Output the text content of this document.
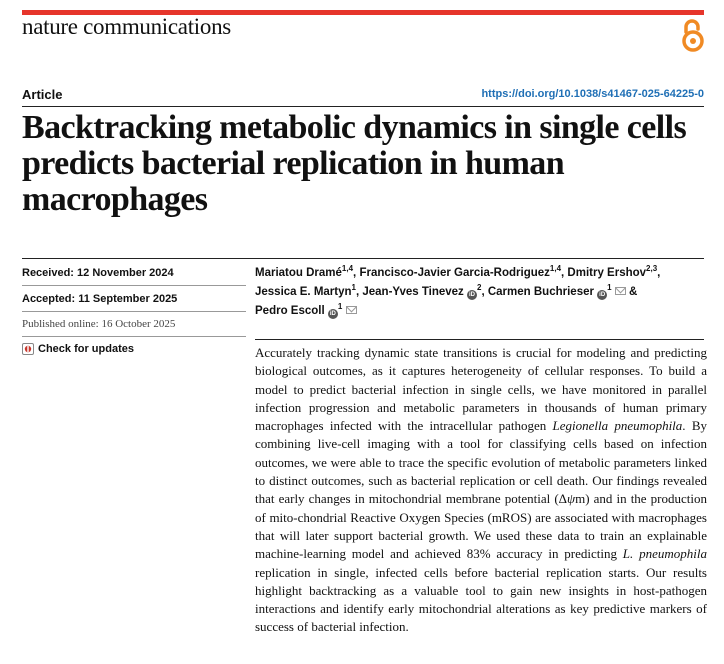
nature communications
Article	https://doi.org/10.1038/s41467-025-64225-0
Backtracking metabolic dynamics in single cells predicts bacterial replication in human macrophages
Received: 12 November 2024
Accepted: 11 September 2025
Published online: 16 October 2025
Check for updates
Mariatou Dramé$^{1,4}$, Francisco-Javier Garcia-Rodriguez$^{1,4}$, Dmitry Ershov$^{2,3}$,
Jessica E. Martyn$^1$, Jean-Yves Tinevez $iD^2$, Carmen Buchrieser $iD^1$  &
Pedro Escoll $iD^1$

Accurately tracking dynamic state transitions is crucial for modeling and predicting biological outcomes, as it captures heterogeneity of cellular responses. To build a model to predict bacterial infection in single cells, we have monitored in parallel infection progression and metabolic parameters in thousands of human primary macrophages infected with the intracellular pathogen Legionella pneumophila. By combining live-cell imaging with a tool for classifying cells based on infection outcomes, we were able to trace the specific evolution of metabolic parameters linked to distinct outcomes, such as bacterial replication or cell death. Our findings revealed that early changes in mitochondrial membrane potential (Δψm) and in the production of mito-chondrial Reactive Oxygen Species (mROS) are associated with macrophages that will later support bacterial growth. We used these data to train an explainable machine-learning model and achieved 83% accuracy in predicting L. pneumophila replication in single, infected cells before bacterial replication starts. Our results highlight backtracking as a valuable tool to gain new insights in host-pathogen interactions and identify early mitochondrial alterations as key predictive markers of success of bacterial infection.
